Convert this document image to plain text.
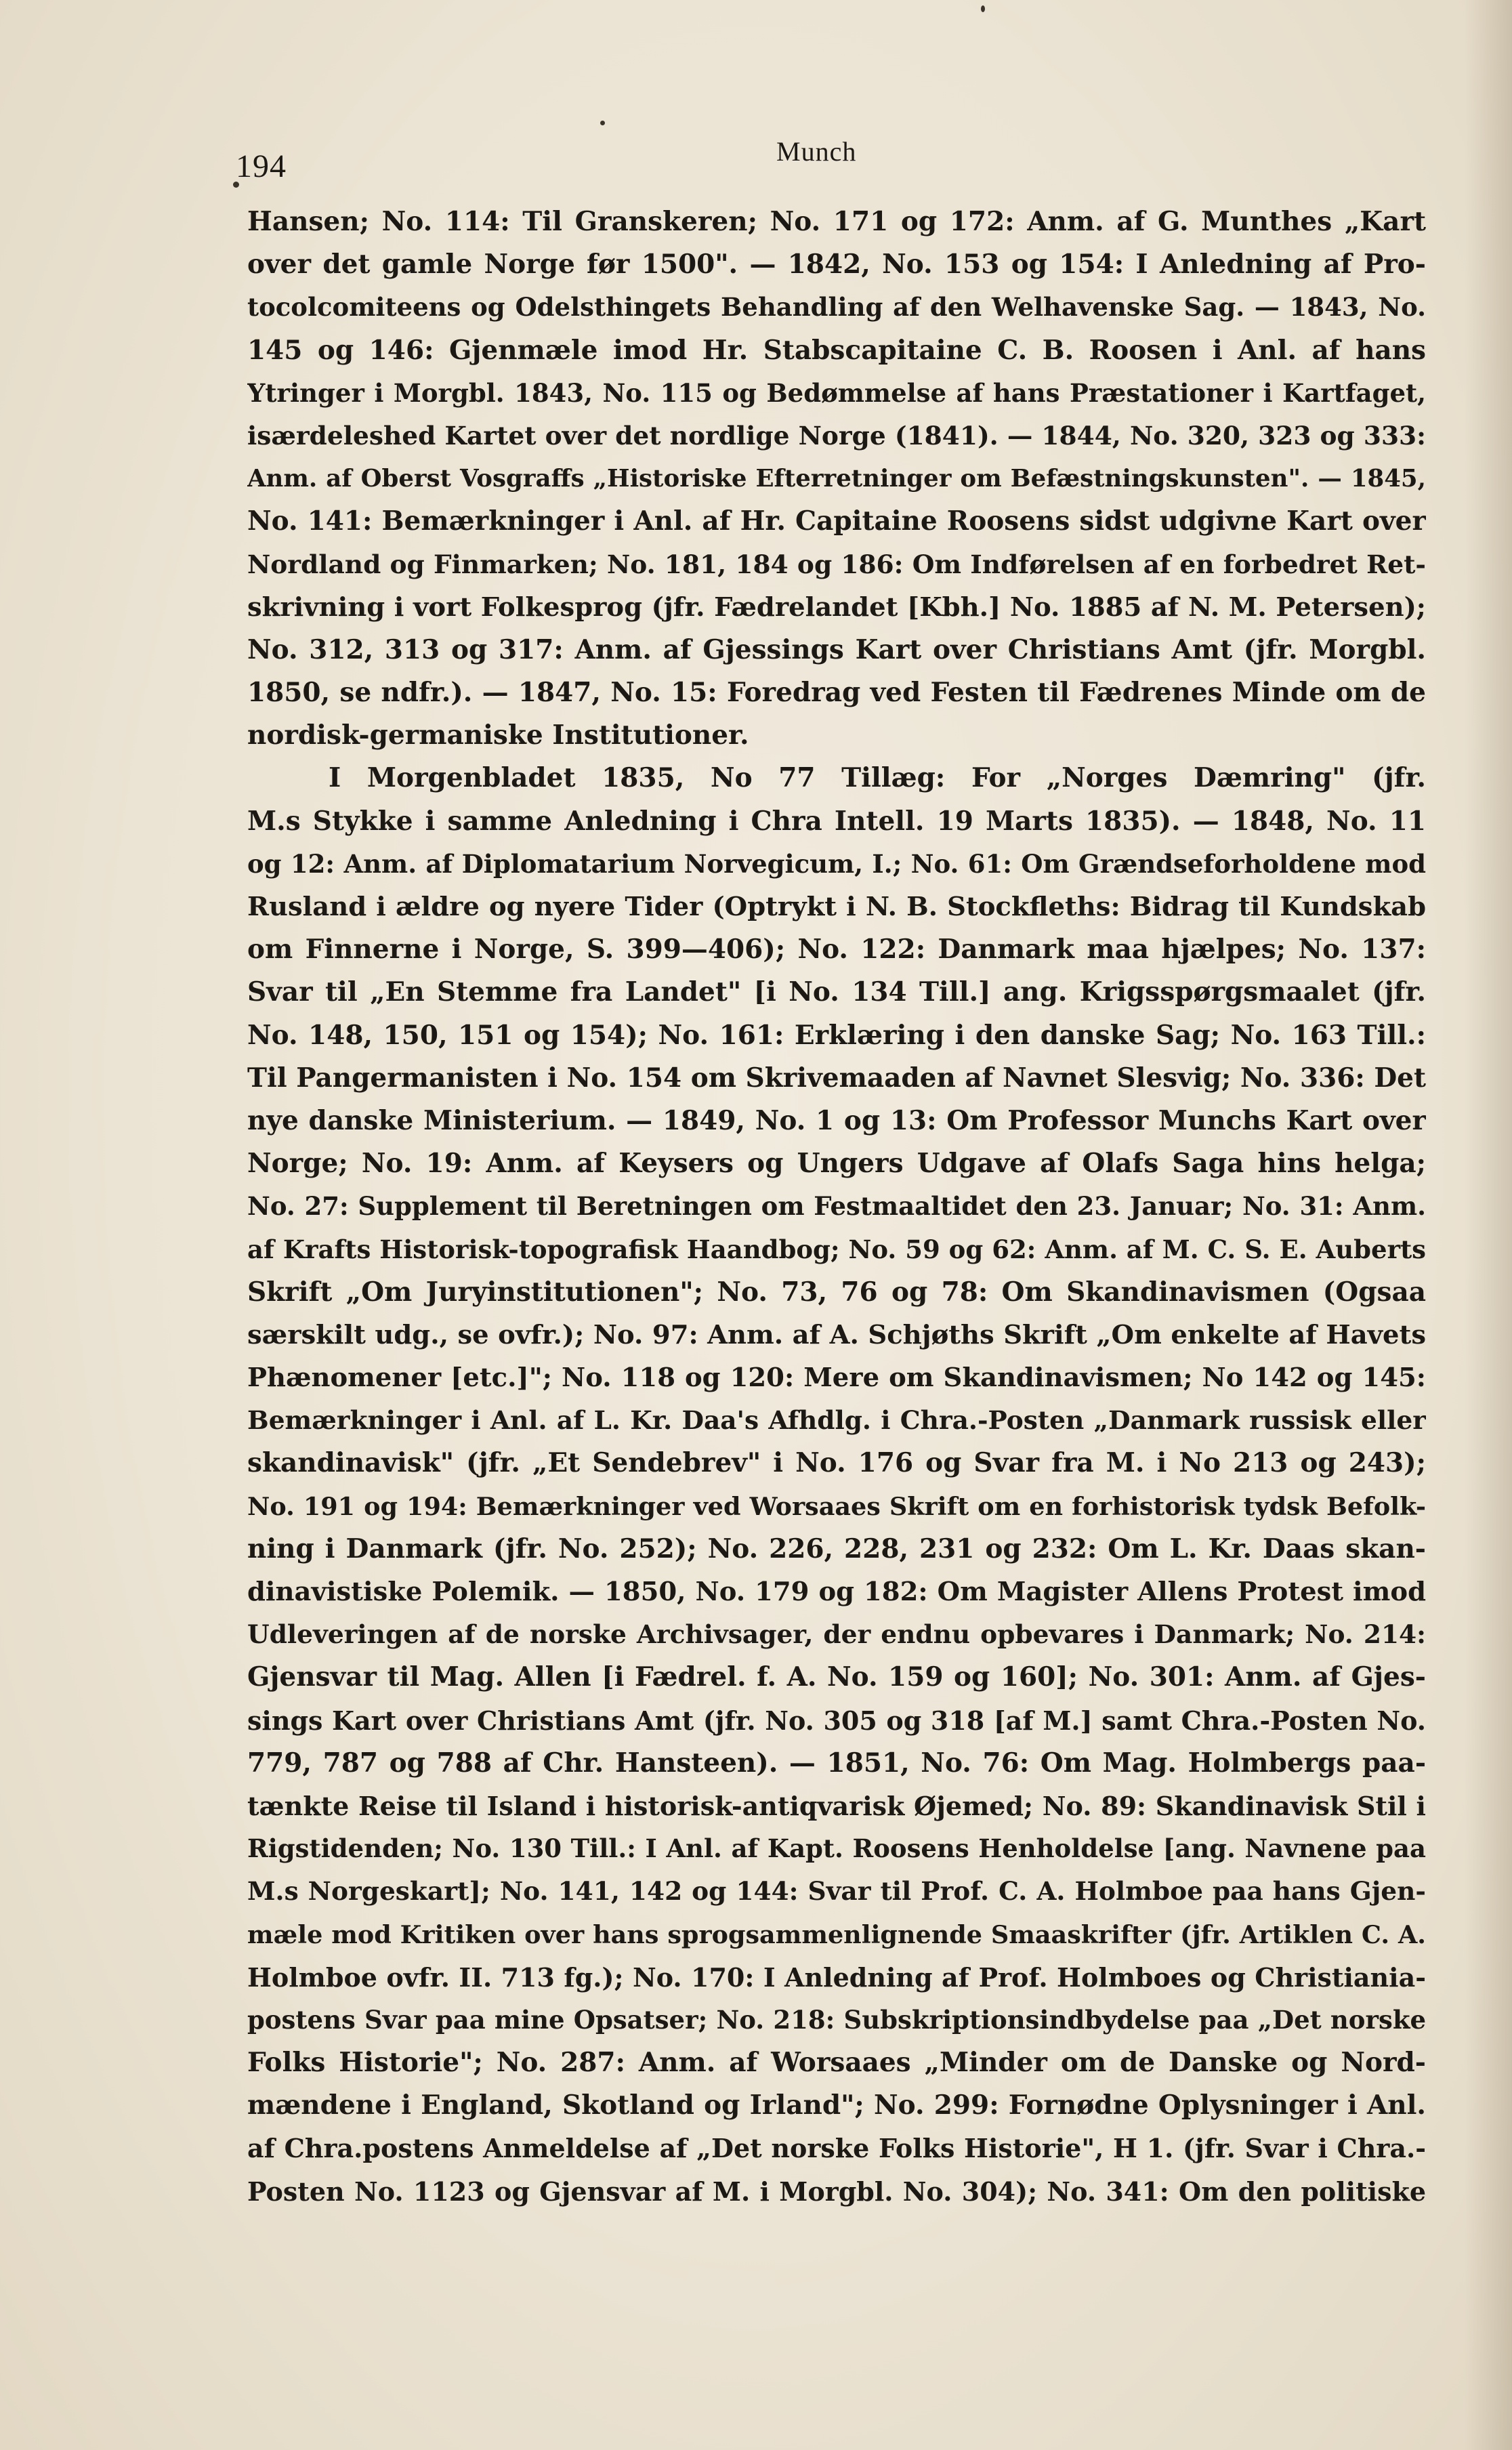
194	Munch
Hansen; No. 114: Til Granskeren; No. 171 og 172: Anm. af G. Munthes „Kart
over det gamle Norge før 1500". — 1842, No. 153 og 154: I Anledning af Pro-
tocolcomiteens og Odelsthingets Behandling af den Welhavenske Sag. — 1843, No.
145 og 146: Gjenmæle imod Hr. Stabscapitaine C. B. Roosen i Anl. af hans
Ytringer i Morgbl. 1843, No. 115 og Bedømmelse af hans Præstationer i Kartfaget,
isærdeleshed Kartet over det nordlige Norge (1841). — 1844, No. 320, 323 og 333:
Anm. af Oberst Vosgraffs „Historiske Efterretninger om Befæstningskunsten". — 1845,
No. 141: Bemærkninger i Anl. af Hr. Capitaine Roosens sidst udgivne Kart over
Nordland og Finmarken; No. 181, 184 og 186: Om Indførelsen af en forbedret Ret-
skrivning i vort Folkesprog (jfr. Fædrelandet [Kbh.] No. 1885 af N. M. Petersen);
No. 312, 313 og 317: Anm. af Gjessings Kart over Christians Amt (jfr. Morgbl.
1850, se ndfr.). — 1847, No. 15: Foredrag ved Festen til Fædrenes Minde om de
nordisk-germaniske Institutioner.
I Morgenbladet 1835, No 77 Tillæg: For „Norges Dæmring" (jfr.
M.s Stykke i samme Anledning i Chra Intell. 19 Marts 1835). — 1848, No. 11
og 12: Anm. af Diplomatarium Norvegicum, I.; No. 61: Om Grændseforholdene mod
Rusland i ældre og nyere Tider (Optrykt i N. B. Stockfleths: Bidrag til Kundskab
om Finnerne i Norge, S. 399—406); No. 122: Danmark maa hjælpes; No. 137:
Svar til „En Stemme fra Landet" [i No. 134 Till.] ang. Krigsspørgsmaalet (jfr.
No. 148, 150, 151 og 154); No. 161: Erklæring i den danske Sag; No. 163 Till.:
Til Pangermanisten i No. 154 om Skrivemaaden af Navnet Slesvig; No. 336: Det
nye danske Ministerium. — 1849, No. 1 og 13: Om Professor Munchs Kart over
Norge; No. 19: Anm. af Keysers og Ungers Udgave af Olafs Saga hins helga;
No. 27: Supplement til Beretningen om Festmaaltidet den 23. Januar; No. 31: Anm.
af Krafts Historisk-topografisk Haandbog; No. 59 og 62: Anm. af M. C. S. E. Auberts
Skrift „Om Juryinstitutionen"; No. 73, 76 og 78: Om Skandinavismen (Ogsaa
særskilt udg., se ovfr.); No. 97: Anm. af A. Schjøths Skrift „Om enkelte af Havets
Phænomener [etc.]"; No. 118 og 120: Mere om Skandinavismen; No 142 og 145:
Bemærkninger i Anl. af L. Kr. Daa's Afhdlg. i Chra.-Posten „Danmark russisk eller
skandinavisk" (jfr. „Et Sendebrev" i No. 176 og Svar fra M. i No 213 og 243);
No. 191 og 194: Bemærkninger ved Worsaaes Skrift om en forhistorisk tydsk Befolk-
ning i Danmark (jfr. No. 252); No. 226, 228, 231 og 232: Om L. Kr. Daas skan-
dinavistiske Polemik. — 1850, No. 179 og 182: Om Magister Allens Protest imod
Udleveringen af de norske Archivsager, der endnu opbevares i Danmark; No. 214:
Gjensvar til Mag. Allen [i Fædrel. f. A. No. 159 og 160]; No. 301: Anm. af Gjes-
sings Kart over Christians Amt (jfr. No. 305 og 318 [af M.] samt Chra.-Posten No.
779, 787 og 788 af Chr. Hansteen). — 1851, No. 76: Om Mag. Holmbergs paa-
tænkte Reise til Island i historisk-antiqvarisk Øjemed; No. 89: Skandinavisk Stil i
Rigstidenden; No. 130 Till.: I Anl. af Kapt. Roosens Henholdelse [ang. Navnene paa
M.s Norgeskart]; No. 141, 142 og 144: Svar til Prof. C. A. Holmboe paa hans Gjen-
mæle mod Kritiken over hans sprogsammenlignende Smaaskrifter (jfr. Artiklen C. A.
Holmboe ovfr. II. 713 fg.); No. 170: I Anledning af Prof. Holmboes og Christiania-
postens Svar paa mine Opsatser; No. 218: Subskriptionsindbydelse paa „Det norske
Folks Historie"; No. 287: Anm. af Worsaaes „Minder om de Danske og Nord-
mændene i England, Skotland og Irland"; No. 299: Fornødne Oplysninger i Anl.
af Chra.postens Anmeldelse af „Det norske Folks Historie", H 1. (jfr. Svar i Chra.-
Posten No. 1123 og Gjensvar af M. i Morgbl. No. 304); No. 341: Om den politiske
